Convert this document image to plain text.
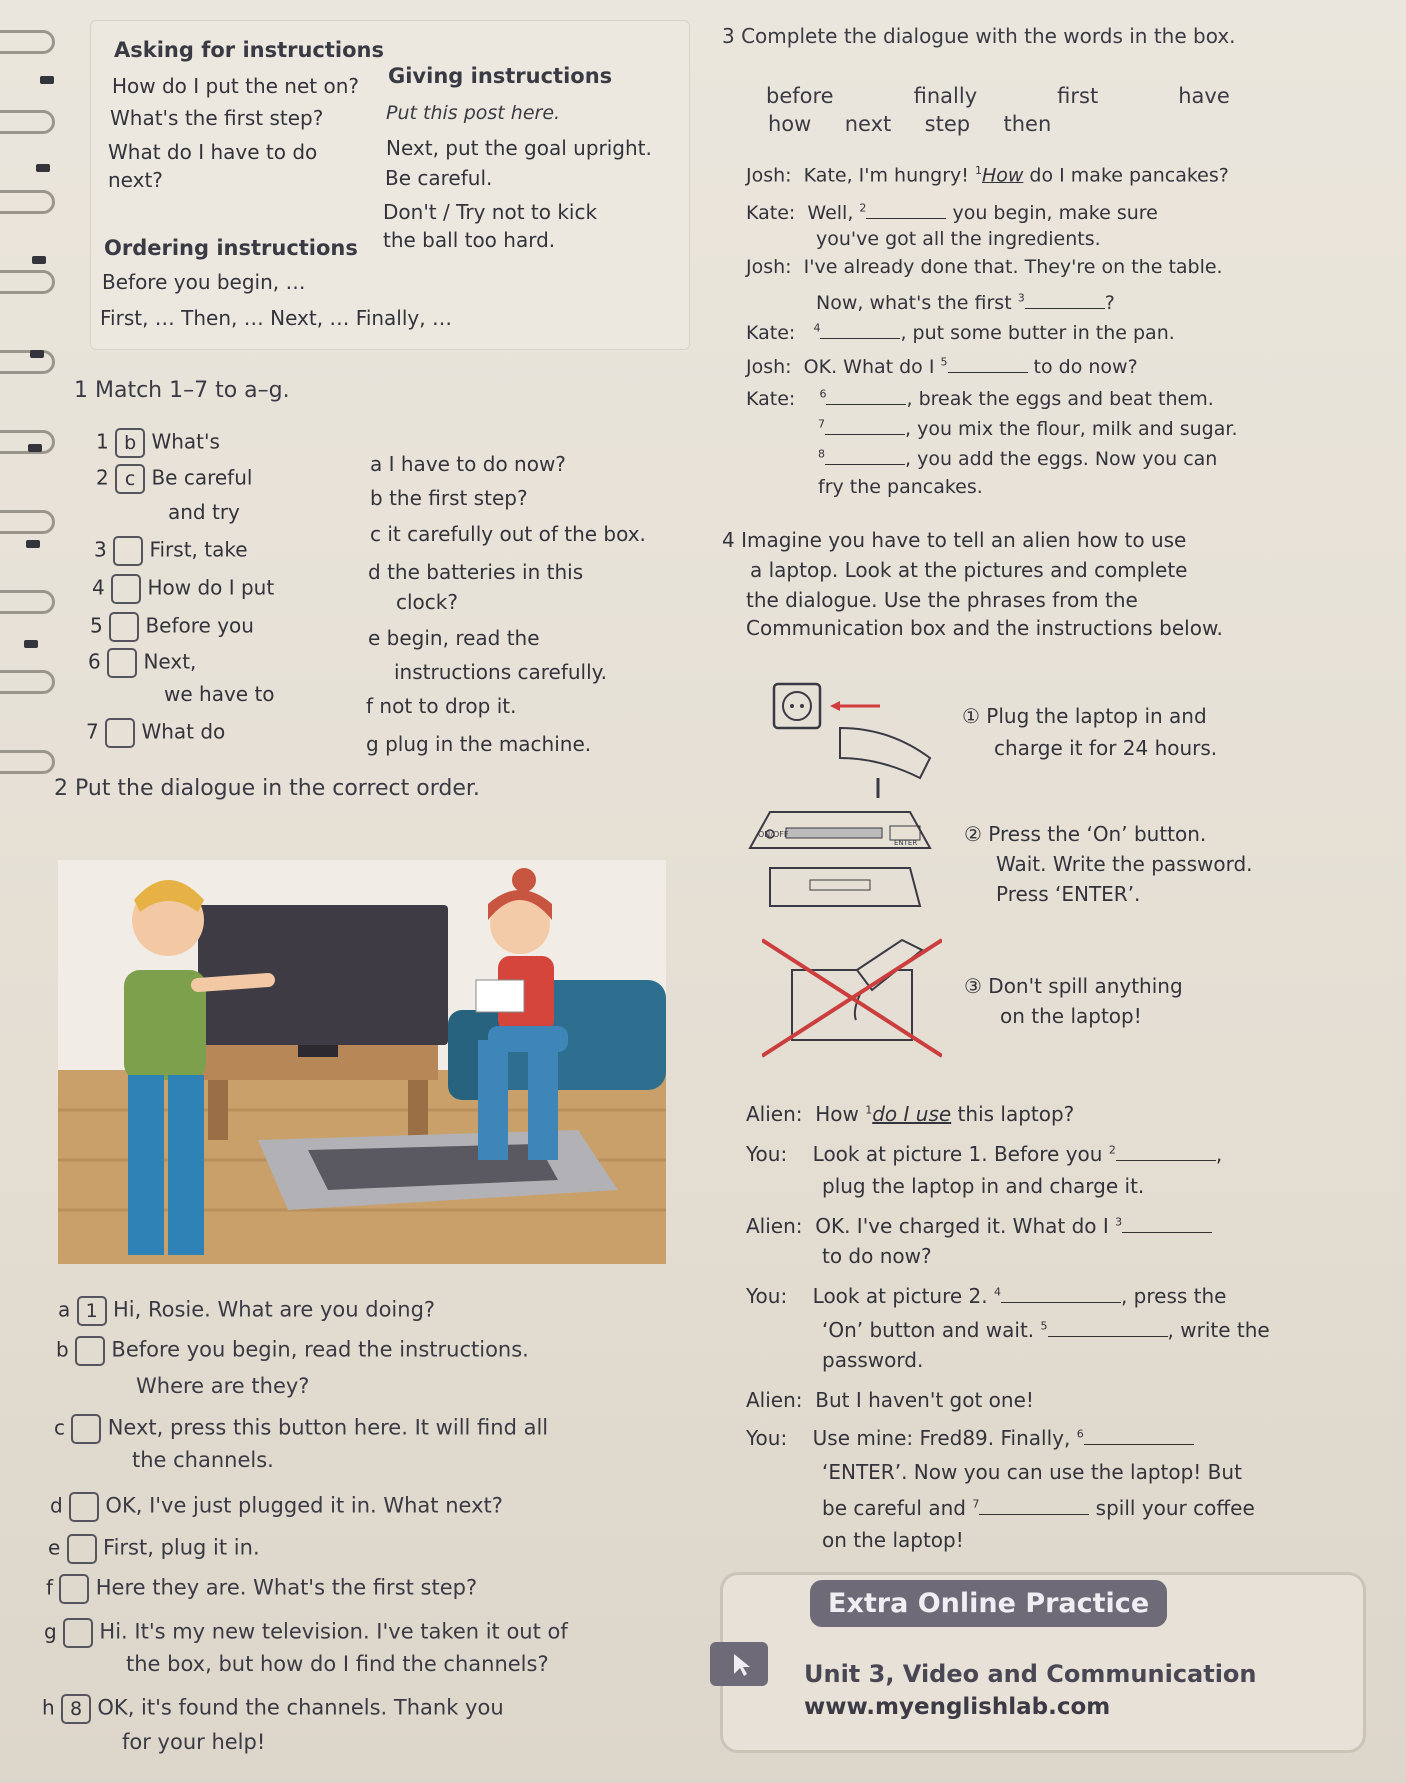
Asking for instructions
How do I put the net on?
What's the first step?
What do I have to do
next?
Giving instructions
Put this post here.
Next, put the goal upright.
Be careful.
Don't / Try not to kick
the ball too hard.
Ordering instructions
Before you begin, …
First, … Then, … Next, … Finally, …
1 Match 1–7 to a–g.
1 b What's
2 c Be careful
and try
3 First, take
4 How do I put
5 Before you
6 Next,
we have to
7 What do
a I have to do now?
b the first step?
c it carefully out of the box.
d the batteries in this
clock?
e begin, read the
instructions carefully.
f not to drop it.
g plug in the machine.
2 Put the dialogue in the correct order.
a 1 Hi, Rosie. What are you doing?
b Before you begin, read the instructions.
Where are they?
c Next, press this button here. It will find all
the channels.
d OK, I've just plugged it in. What next?
e First, plug it in.
f Here they are. What's the first step?
g Hi. It's my new television. I've taken it out of
the box, but how do I find the channels?
h 8 OK, it's found the channels. Thank you
for your help!
3 Complete the dialogue with the words in the box.
before	finally	first	have
how next step then
Josh: Kate, I'm hungry! $^1$How do I make pancakes?
Kate: Well, $^2$	you begin, make sure
you've got all the ingredients.
Josh: I've already done that. They're on the table.
Now, what's the first $^3$	?
Kate: $^4$	, put some butter in the pan.
Josh: OK. What do I $^5$	to do now?
Kate: $^6$	, break the eggs and beat them.
$^7$	, you mix the flour, milk and sugar.
$^8$	, you add the eggs. Now you can
fry the pancakes.
4 Imagine you have to tell an alien how to use
a laptop. Look at the pictures and complete
the dialogue. Use the phrases from the
Communication box and the instructions below.
① Plug the laptop in and
charge it for 24 hours.
ON/OFF
ENTER ② Press the ‘On’ button.
Wait. Write the password.
Press ‘ENTER’.
③ Don't spill anything
on the laptop!
Alien: How $^1$do I use this laptop?
You: Look at picture 1. Before you $^2$	,
plug the laptop in and charge it.
Alien: OK. I've charged it. What do I $^3$
to do now?
You: Look at picture 2. $^4$	, press the
‘On’ button and wait. $^5$	, write the
password.
Alien: But I haven't got one!
You: Use mine: Fred89. Finally, $^6$
‘ENTER’. Now you can use the laptop! But
be careful and $^7$	spill your coffee
on the laptop!
Extra Online Practice
Unit 3, Video and Communication
www.myenglishlab.com
